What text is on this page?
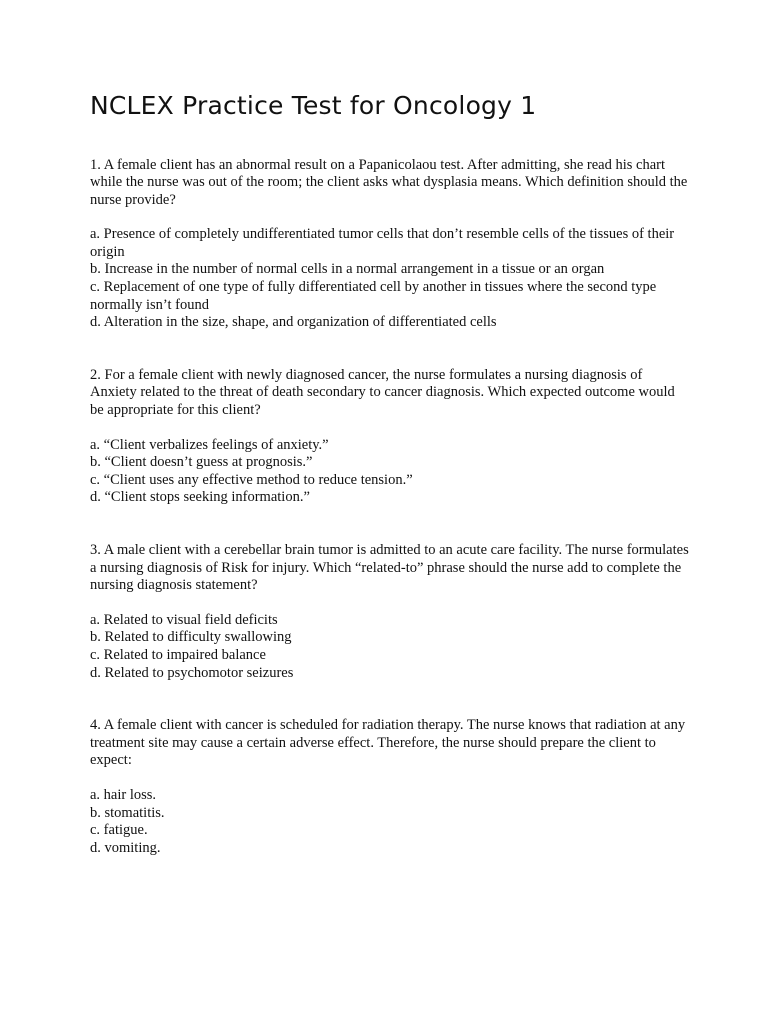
NCLEX Practice Test for Oncology 1

1. A female client has an abnormal result on a Papanicolaou test. After admitting, she read his chart while the nurse was out of the room; the client asks what dysplasia means. Which definition should the nurse provide?

a. Presence of completely undifferentiated tumor cells that don’t resemble cells of the tissues of their origin
b. Increase in the number of normal cells in a normal arrangement in a tissue or an organ
c. Replacement of one type of fully differentiated cell by another in tissues where the second type normally isn’t found
d. Alteration in the size, shape, and organization of differentiated cells

2. For a female client with newly diagnosed cancer, the nurse formulates a nursing diagnosis of Anxiety related to the threat of death secondary to cancer diagnosis. Which expected outcome would be appropriate for this client?

a. “Client verbalizes feelings of anxiety.”
b. “Client doesn’t guess at prognosis.”
c. “Client uses any effective method to reduce tension.”
d. “Client stops seeking information.”

3. A male client with a cerebellar brain tumor is admitted to an acute care facility. The nurse formulates a nursing diagnosis of Risk for injury. Which “related-to” phrase should the nurse add to complete the nursing diagnosis statement?

a. Related to visual field deficits
b. Related to difficulty swallowing
c. Related to impaired balance
d. Related to psychomotor seizures

4. A female client with cancer is scheduled for radiation therapy. The nurse knows that radiation at any treatment site may cause a certain adverse effect. Therefore, the nurse should prepare the client to expect:

a. hair loss.
b. stomatitis.
c. fatigue.
d. vomiting.
